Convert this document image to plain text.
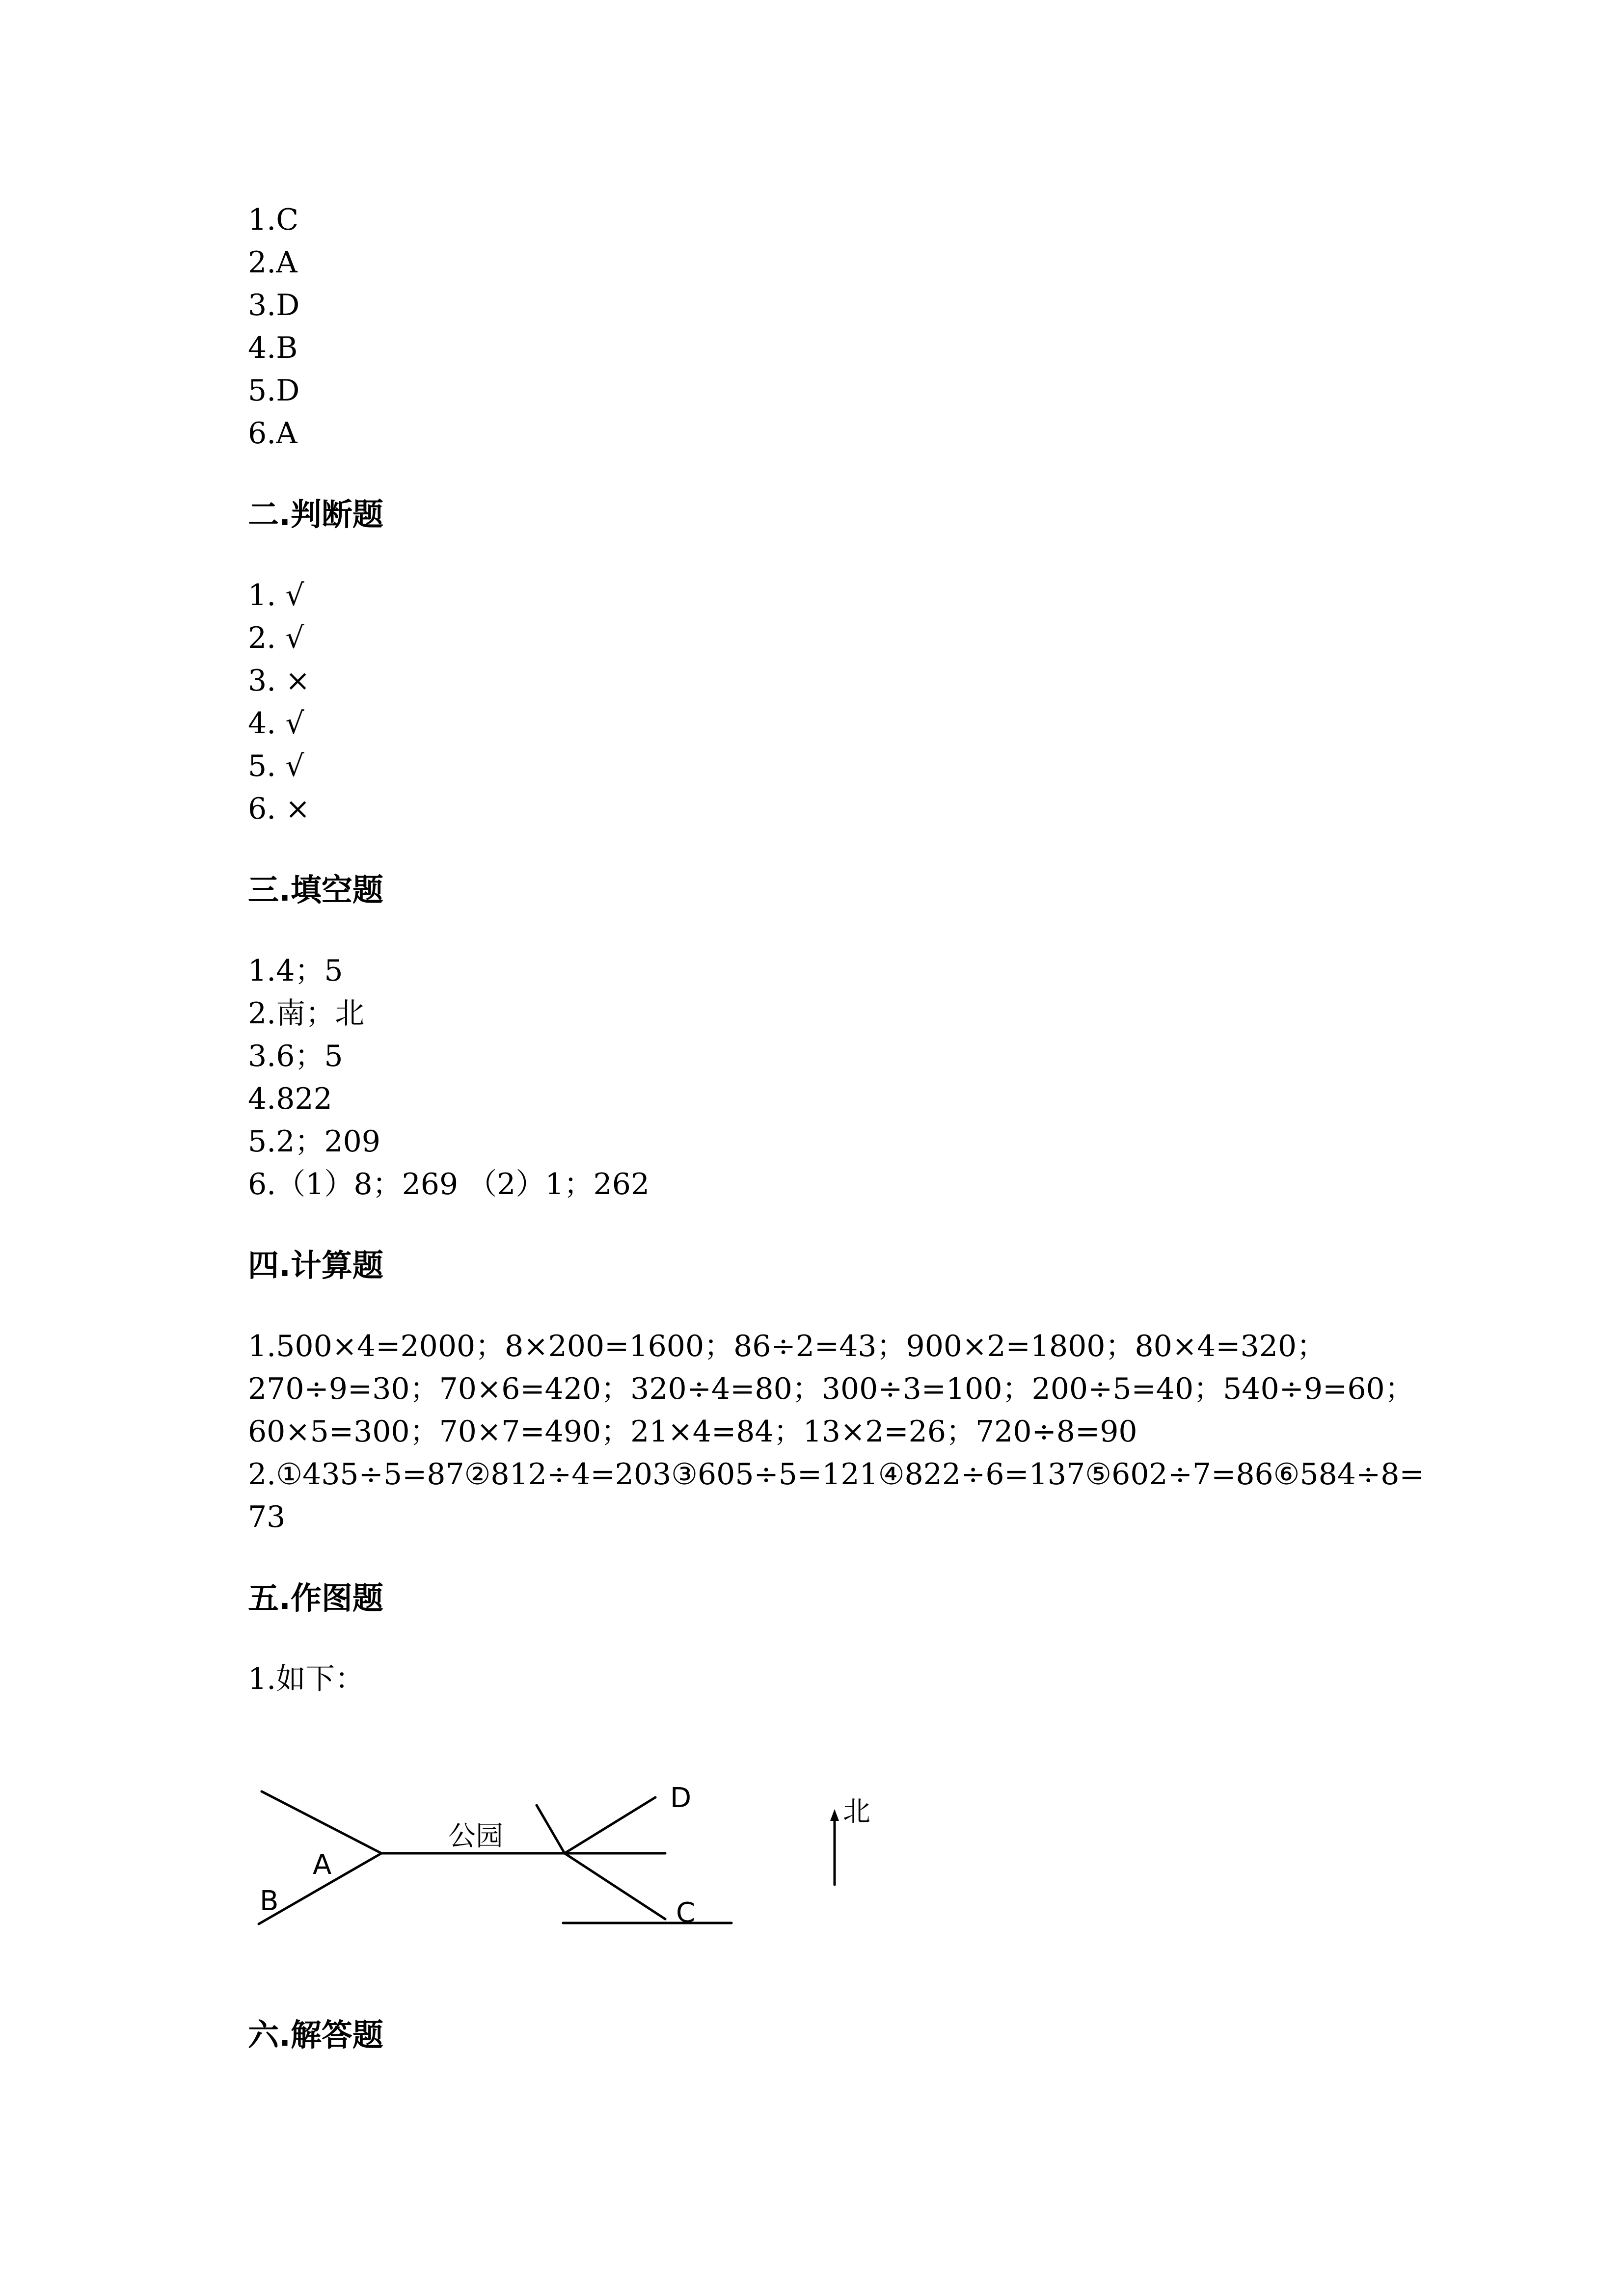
1.C
2.A
3.D
4.B
5.D
6.A
二.判断题
1. √
2. √
3. ×
4. √
5. √
6. ×
三.填空题
1.4；5
2.南；北
3.6；5
4.822
5.2；209
6.（1）8；269 （2）1；262
四.计算题
1.500×4=2000；8×200=1600；86÷2=43；900×2=1800；80×4=320；
270÷9=30；70×6=420；320÷4=80；300÷3=100；200÷5=40；540÷9=60；
60×5=300；70×7=490；21×4=84；13×2=26；720÷8=90
2.①435÷5=87②812÷4=203③605÷5=121④822÷6=137⑤602÷7=86⑥584÷8=
73
五.作图题
1.如下：
公园
A
B	C
D	北
六.解答题
